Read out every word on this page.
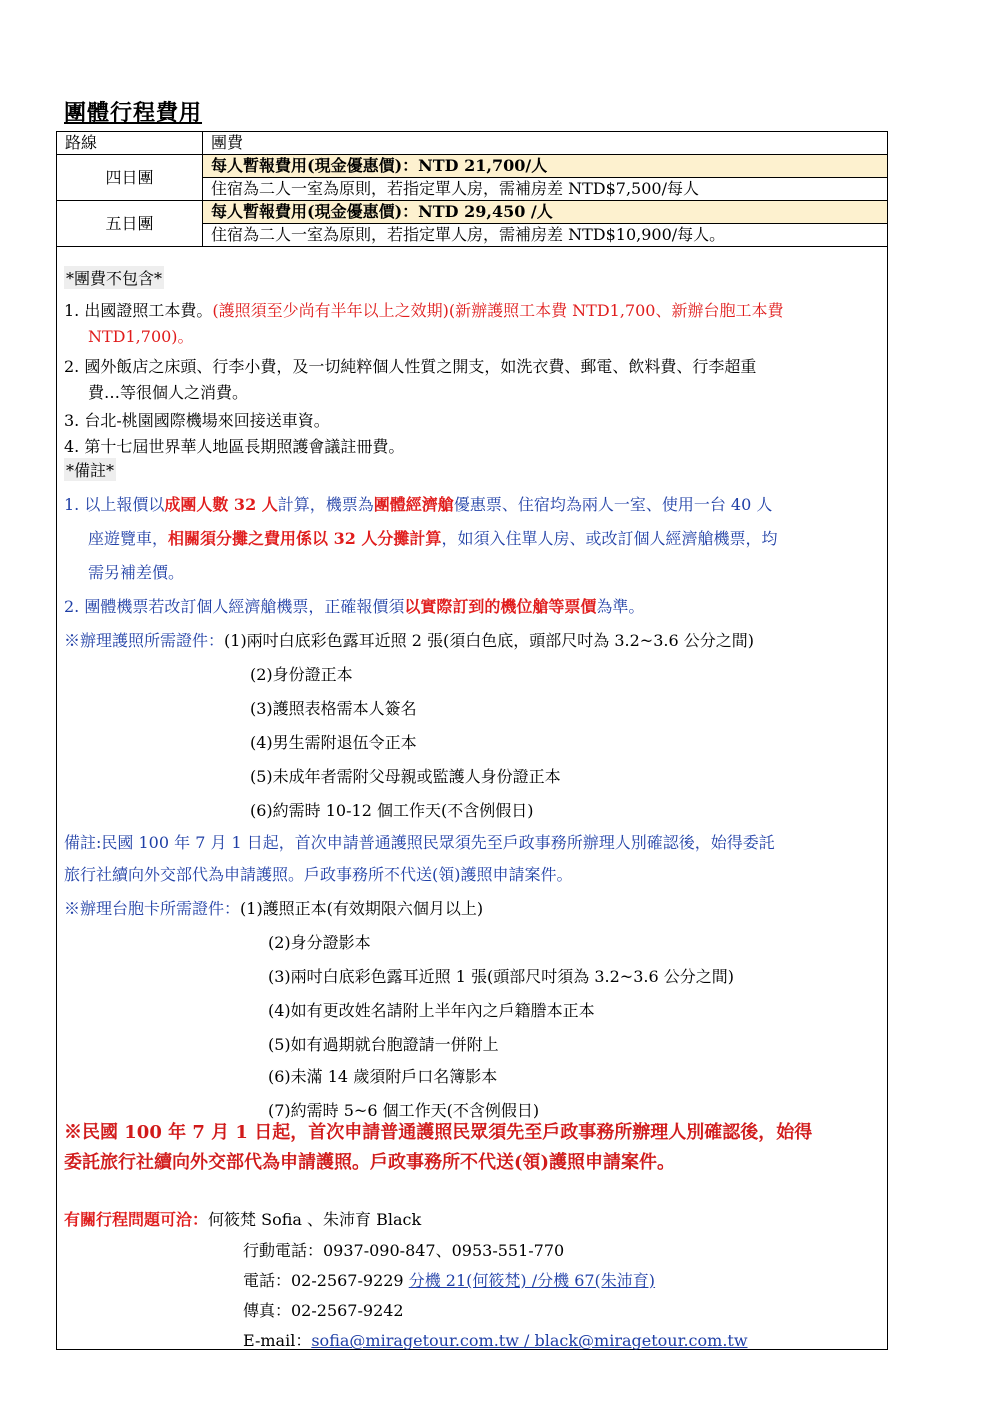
團體行程費用
路線	團費
四日團	每人暫報費用(現金優惠價)：NTD 21,700/人
	住宿為二人一室為原則，若指定單人房，需補房差 NTD$7,500/每人
五日團	每人暫報費用(現金優惠價)：NTD 29,450 /人
	住宿為二人一室為原則，若指定單人房，需補房差 NTD$10,900/每人。
*團費不包含*
1. 出國證照工本費。(護照須至少尚有半年以上之效期)(新辦護照工本費 NTD1,700、新辦台胞工本費
NTD1,700)。
2. 國外飯店之床頭、行李小費，及一切純粹個人性質之開支，如洗衣費、郵電、飲料費、行李超重
費…等很個人之消費。
3. 台北-桃園國際機場來回接送車資。
4. 第十七屆世界華人地區長期照護會議註冊費。
*備註*
1. 以上報價以成團人數 32 人計算，機票為團體經濟艙優惠票、住宿均為兩人一室、使用一台 40 人
座遊覽車，相關須分攤之費用係以 32 人分攤計算，如須入住單人房、或改訂個人經濟艙機票，均
需另補差價。
2. 團體機票若改訂個人經濟艙機票，正確報價須以實際訂到的機位艙等票價為準。
※辦理護照所需證件：(1)兩吋白底彩色露耳近照 2 張(須白色底，頭部尺吋為 3.2~3.6 公分之間)
(2)身份證正本
(3)護照表格需本人簽名
(4)男生需附退伍令正本
(5)未成年者需附父母親或監護人身份證正本
(6)約需時 10-12 個工作天(不含例假日)
備註:民國 100 年 7 月 1 日起，首次申請普通護照民眾須先至戶政事務所辦理人別確認後，始得委託
旅行社續向外交部代為申請護照。戶政事務所不代送(領)護照申請案件。
※辦理台胞卡所需證件：(1)護照正本(有效期限六個月以上)
(2)身分證影本
(3)兩吋白底彩色露耳近照 1 張(頭部尺吋須為 3.2~3.6 公分之間)
(4)如有更改姓名請附上半年內之戶籍謄本正本
(5)如有過期就台胞證請一併附上
(6)未滿 14 歲須附戶口名簿影本
(7)約需時 5~6 個工作天(不含例假日)
※民國 100 年 7 月 1 日起，首次申請普通護照民眾須先至戶政事務所辦理人別確認後，始得
委託旅行社續向外交部代為申請護照。戶政事務所不代送(領)護照申請案件。
有關行程問題可洽：何筱梵 Sofia 、朱沛育 Black
行動電話：0937-090-847、0953-551-770
電話：02-2567-9229 分機 21(何筱梵) /分機 67(朱沛育)
傳真：02-2567-9242
E-mail：sofia@miragetour.com.tw / black@miragetour.com.tw
